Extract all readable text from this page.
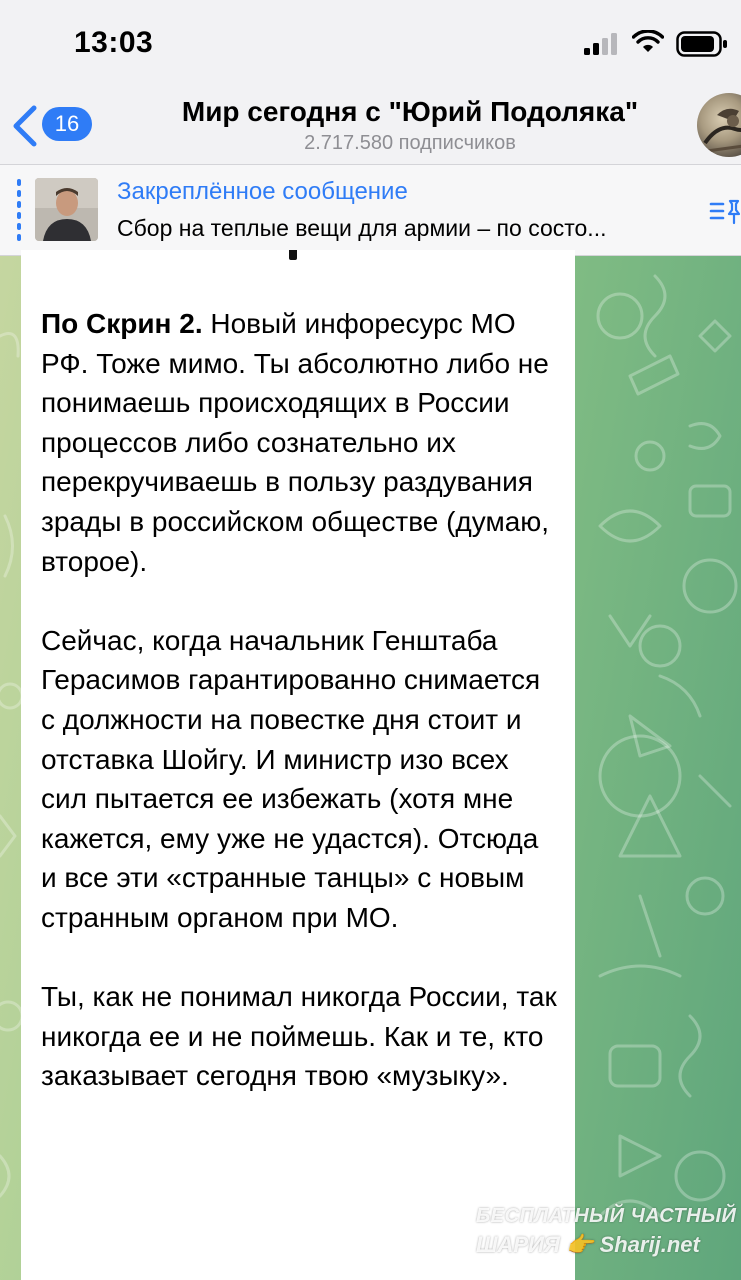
13:03
16	Мир сегодня с "Юрий Подоляка"
2.717.580 подписчиков
Закреплённое сообщение
Сбор на теплые вещи для армии – по состо...

По Скрин 2. Новый инфоресурс МО РФ. Тоже мимо. Ты абсолютно либо не понимаешь происходящих в России процессов либо сознательно их перекручиваешь в пользу раздувания зрады в российском обществе (думаю, второе).

Сейчас, когда начальник Генштаба Герасимов гарантированно снимается с должности на повестке дня стоит и отставка Шойгу. И министр изо всех сил пытается ее избежать (хотя мне кажется, ему уже не удастся). Отсюда и все эти «странные танцы» с новым странным органом при МО.

Ты, как не понимал никогда России, так никогда ее и не поймешь. Как и те, кто заказывает сегодня твою «музыку».

БЕСПЛАТНЫЙ ЧАСТНЫЙ
ШАРИЯ 👉 Sharij.net
